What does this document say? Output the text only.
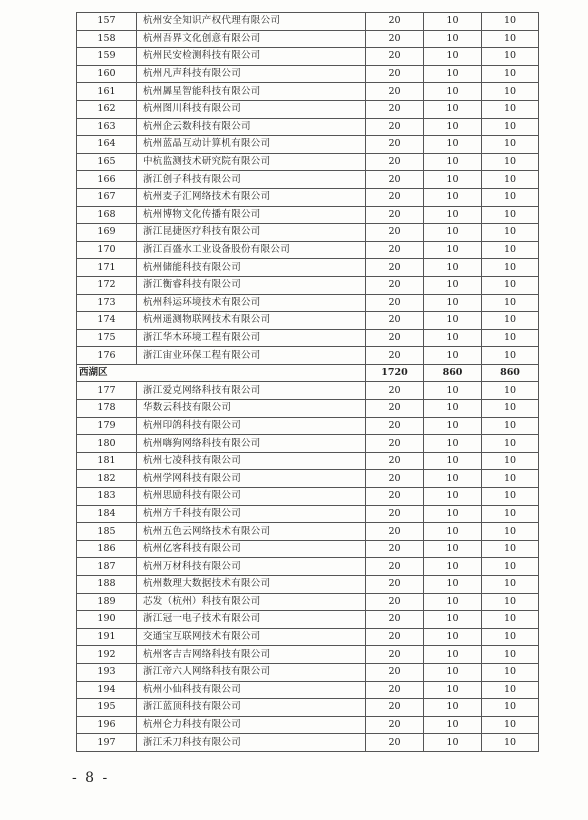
157	杭州安全知识产权代理有限公司	20	10	10
158	杭州吾界文化创意有限公司	20	10	10
159	杭州民安检测科技有限公司	20	10	10
160	杭州凡声科技有限公司	20	10	10
161	杭州羼星智能科技有限公司	20	10	10
162	杭州图川科技有限公司	20	10	10
163	杭州企云数科技有限公司	20	10	10
164	杭州蓝晶互动计算机有限公司	20	10	10
165	中杭监测技术研究院有限公司	20	10	10
166	浙江创子科技有限公司	20	10	10
167	杭州麦子汇网络技术有限公司	20	10	10
168	杭州博物文化传播有限公司	20	10	10
169	浙江昆捷医疗科技有限公司	20	10	10
170	浙江百盛水工业设备股份有限公司	20	10	10
171	杭州储能科技有限公司	20	10	10
172	浙江衡睿科技有限公司	20	10	10
173	杭州科运环境技术有限公司	20	10	10
174	杭州遥测物联网技术有限公司	20	10	10
175	浙江华木环境工程有限公司	20	10	10
176	浙江宙业环保工程有限公司	20	10	10
西湖区		1720	860	860
177	浙江爱克网络科技有限公司	20	10	10
178	华数云科技有限公司	20	10	10
179	杭州印鸽科技有限公司	20	10	10
180	杭州嗨狗网络科技有限公司	20	10	10
181	杭州七凌科技有限公司	20	10	10
182	杭州学网科技有限公司	20	10	10
183	杭州思励科技有限公司	20	10	10
184	杭州方千科技有限公司	20	10	10
185	杭州五色云网络技术有限公司	20	10	10
186	杭州亿客科技有限公司	20	10	10
187	杭州万材科技有限公司	20	10	10
188	杭州数理大数据技术有限公司	20	10	10
189	芯发（杭州）科技有限公司	20	10	10
190	浙江冠一电子技术有限公司	20	10	10
191	交通宝互联网技术有限公司	20	10	10
192	杭州客吉吉网络科技有限公司	20	10	10
193	浙江帝六人网络科技有限公司	20	10	10
194	杭州小仙科技有限公司	20	10	10
195	浙江蓝顶科技有限公司	20	10	10
196	杭州仑力科技有限公司	20	10	10
197	浙江禾刀科技有限公司	20	10	10
- 8 -
